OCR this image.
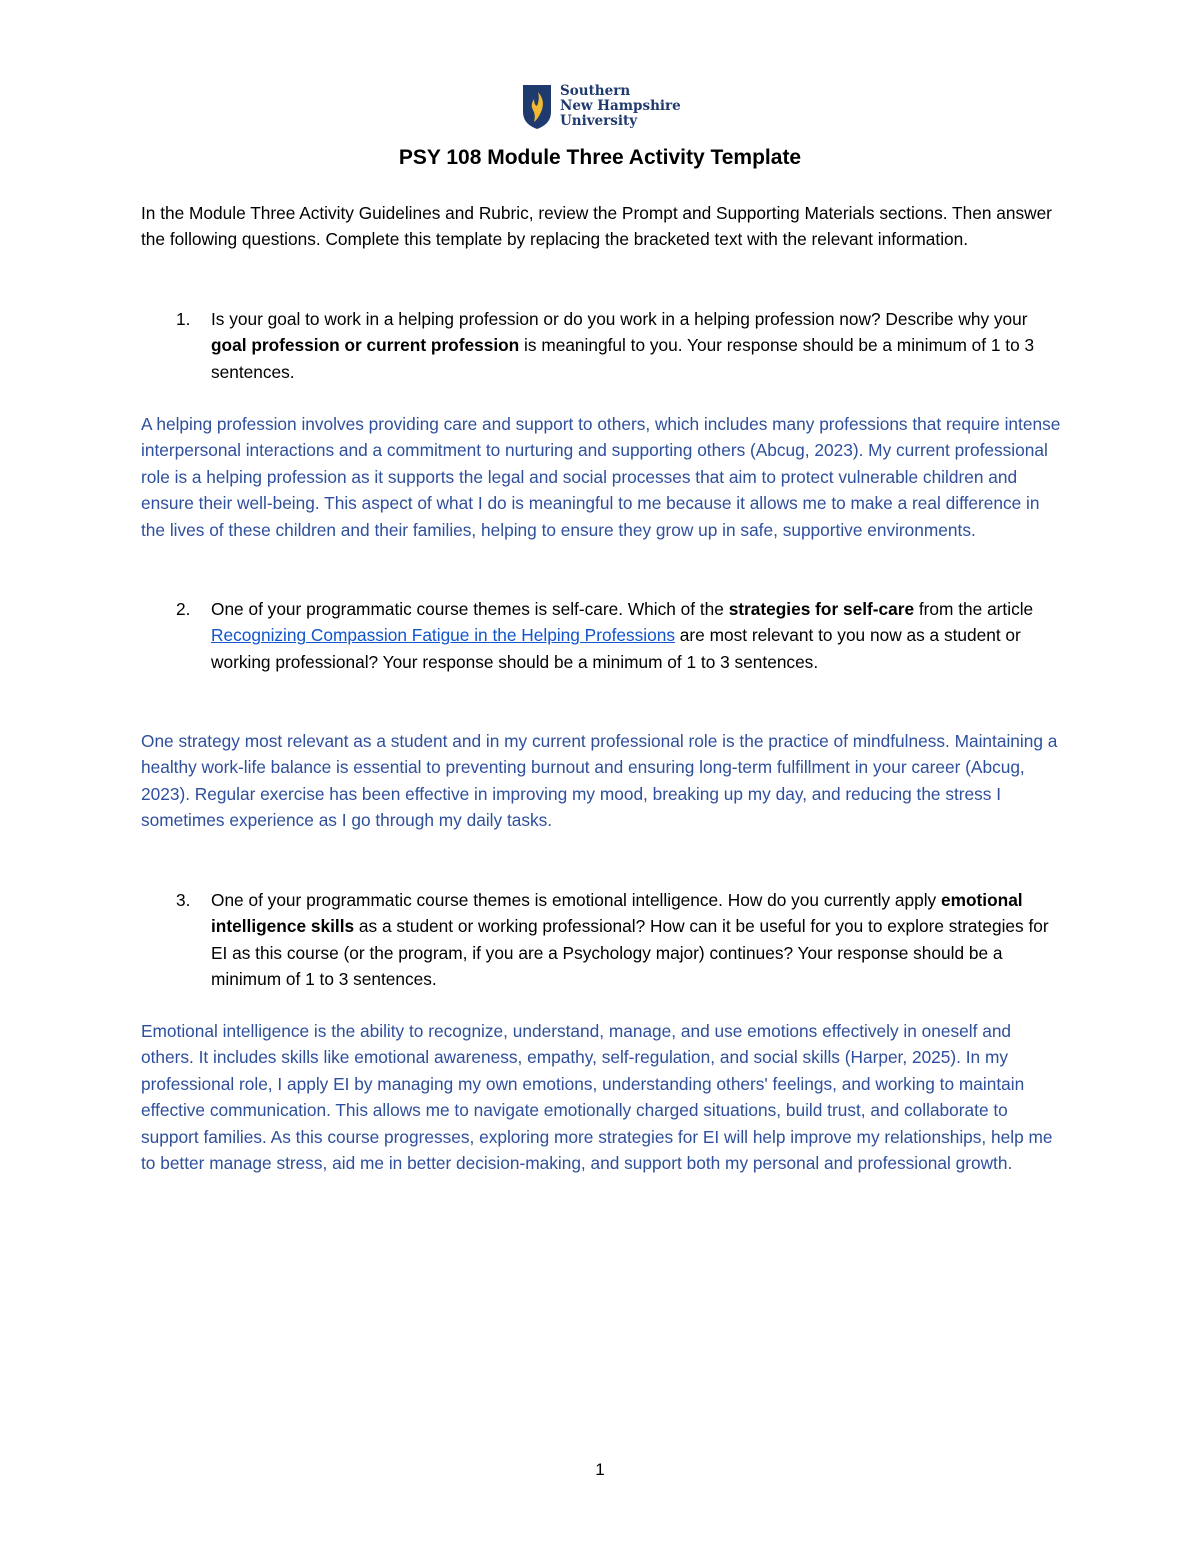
Southern
New Hampshire
University
PSY 108 Module Three Activity Template

In the Module Three Activity Guidelines and Rubric, review the Prompt and Supporting Materials sections. Then answer the following questions. Complete this template by replacing the bracketed text with the relevant information.

1. Is your goal to work in a helping profession or do you work in a helping profession now? Describe why your goal profession or current profession is meaningful to you. Your response should be a minimum of 1 to 3 sentences.

A helping profession involves providing care and support to others, which includes many professions that require intense interpersonal interactions and a commitment to nurturing and supporting others (Abcug, 2023). My current professional role is a helping profession as it supports the legal and social processes that aim to protect vulnerable children and ensure their well-being. This aspect of what I do is meaningful to me because it allows me to make a real difference in the lives of these children and their families, helping to ensure they grow up in safe, supportive environments.

2. One of your programmatic course themes is self-care. Which of the strategies for self-care from the article Recognizing Compassion Fatigue in the Helping Professions are most relevant to you now as a student or working professional? Your response should be a minimum of 1 to 3 sentences.

One strategy most relevant as a student and in my current professional role is the practice of mindfulness. Maintaining a healthy work-life balance is essential to preventing burnout and ensuring long-term fulfillment in your career (Abcug, 2023). Regular exercise has been effective in improving my mood, breaking up my day, and reducing the stress I sometimes experience as I go through my daily tasks.

3. One of your programmatic course themes is emotional intelligence. How do you currently apply emotional intelligence skills as a student or working professional? How can it be useful for you to explore strategies for EI as this course (or the program, if you are a Psychology major) continues? Your response should be a minimum of 1 to 3 sentences.

Emotional intelligence is the ability to recognize, understand, manage, and use emotions effectively in oneself and others. It includes skills like emotional awareness, empathy, self-regulation, and social skills (Harper, 2025). In my professional role, I apply EI by managing my own emotions, understanding others' feelings, and working to maintain effective communication. This allows me to navigate emotionally charged situations, build trust, and collaborate to support families. As this course progresses, exploring more strategies for EI will help improve my relationships, help me to better manage stress, aid me in better decision-making, and support both my personal and professional growth.

1
